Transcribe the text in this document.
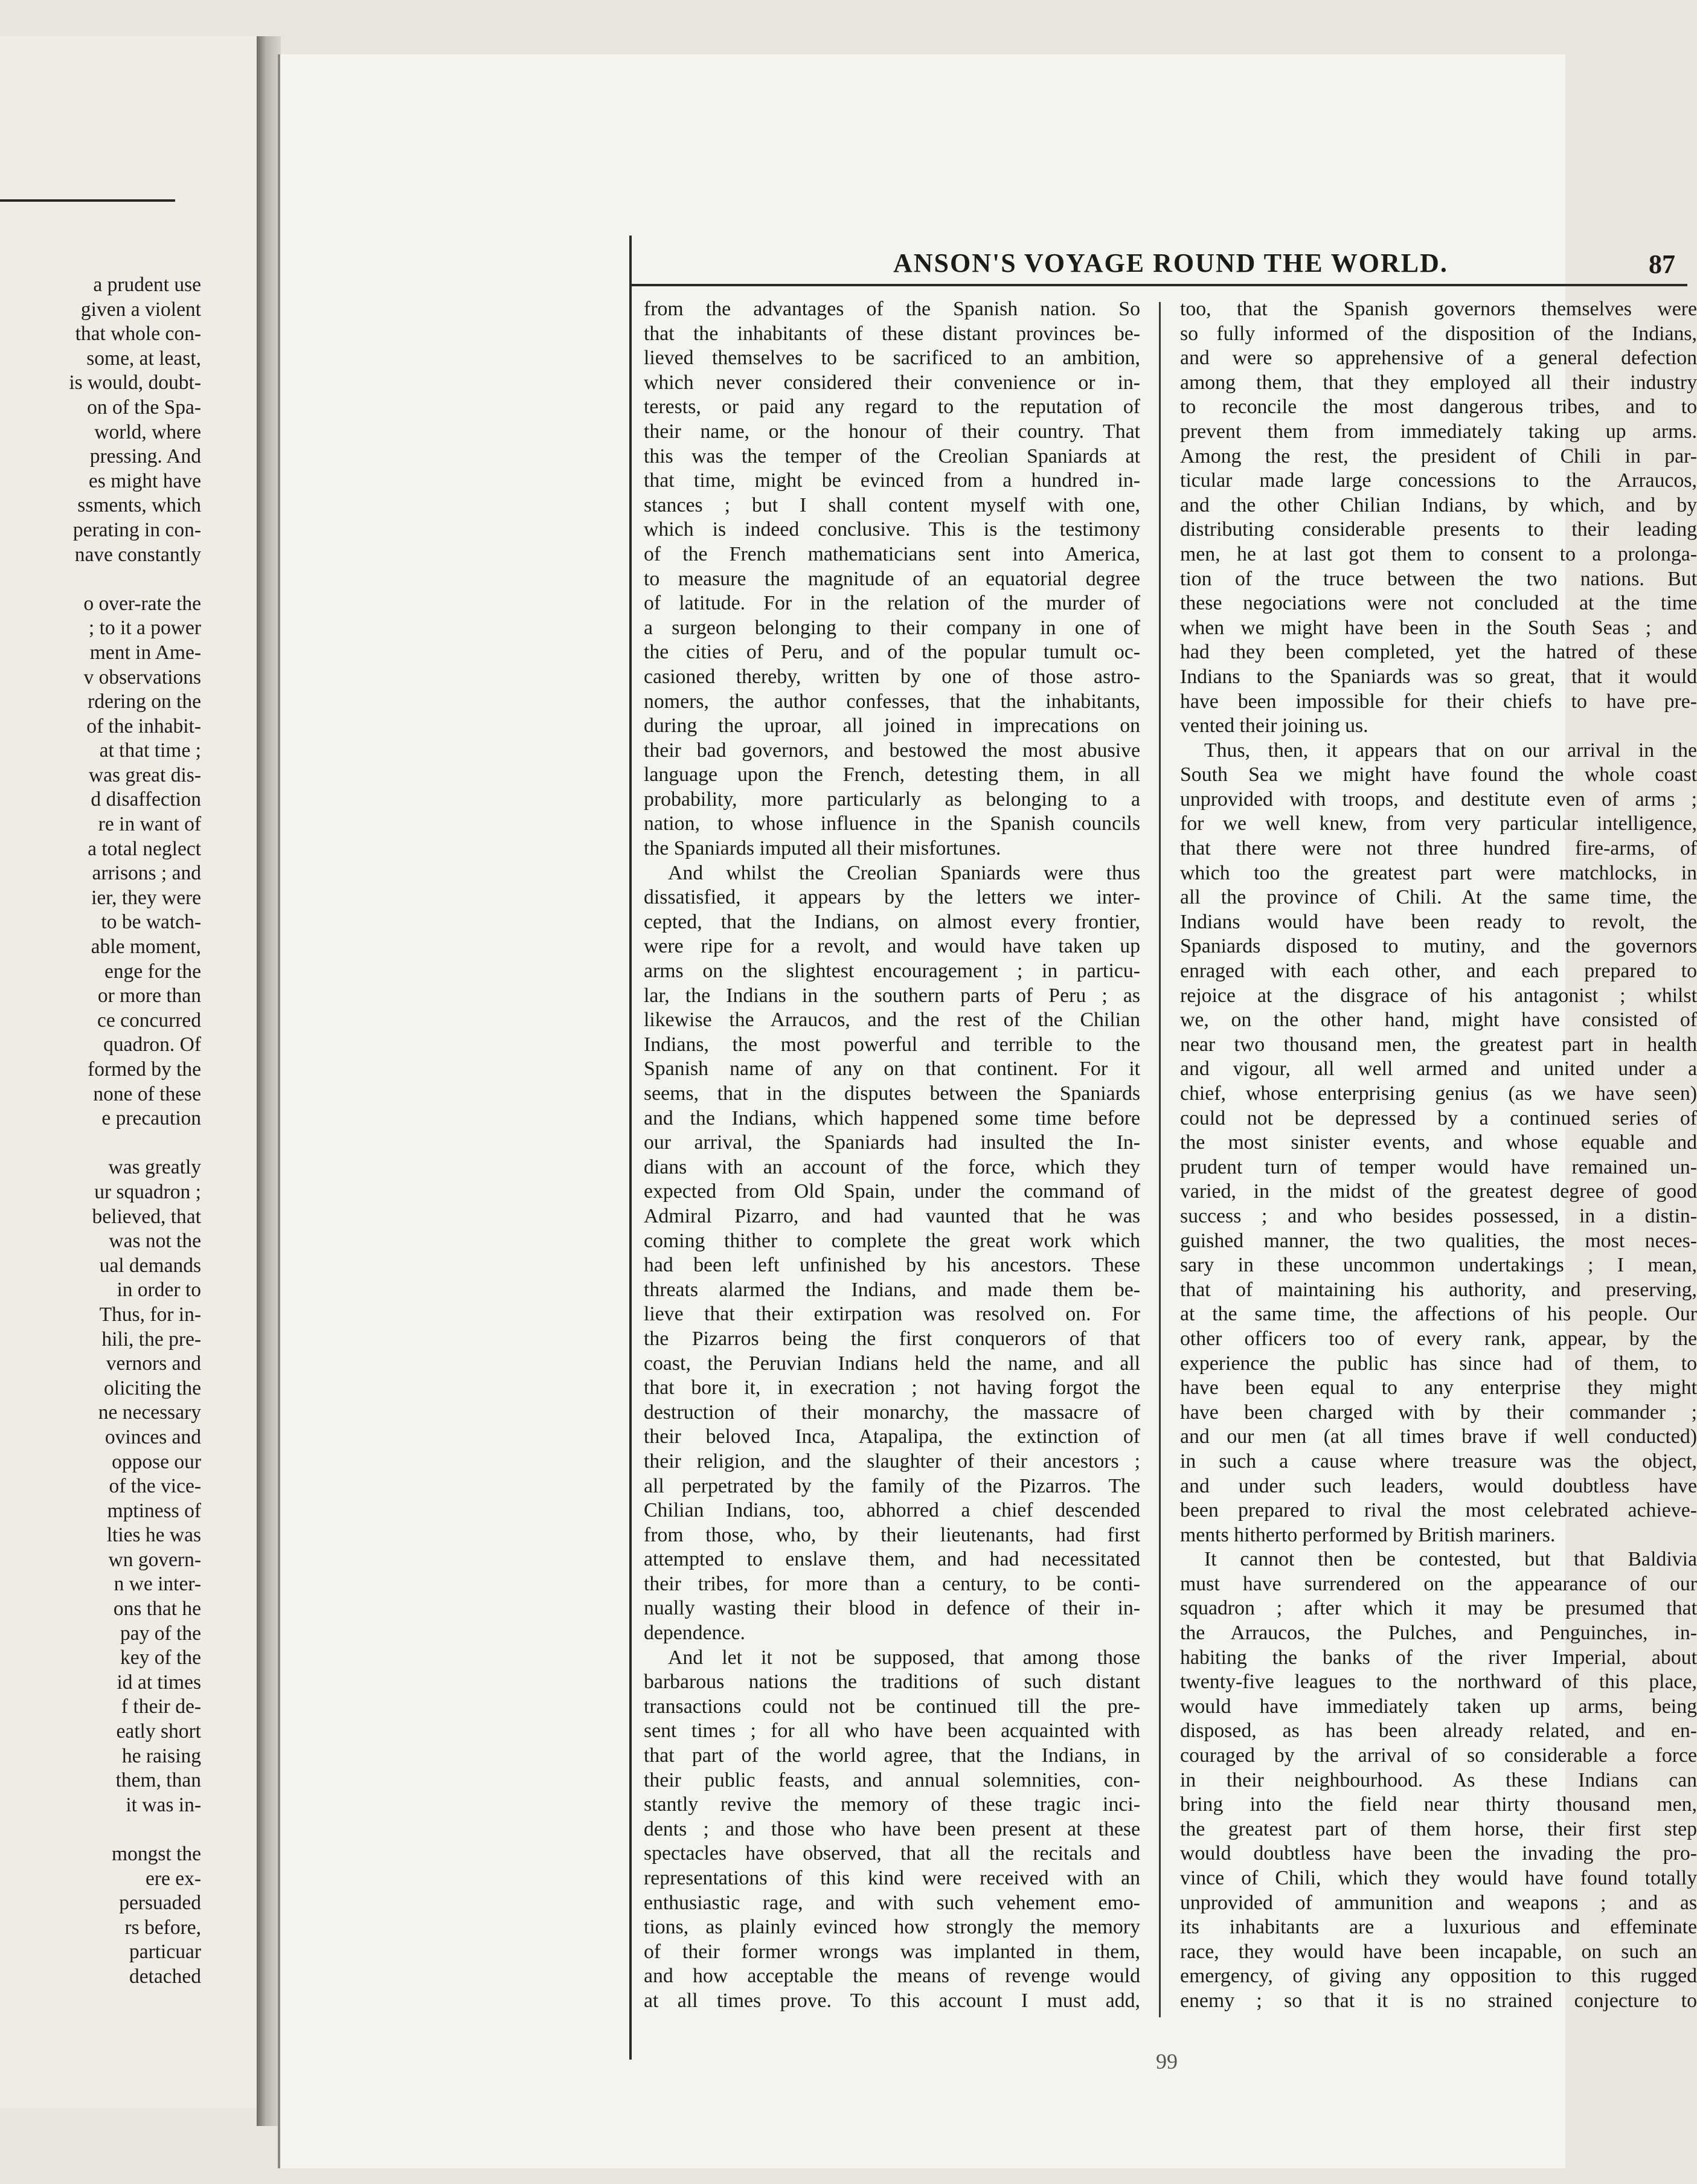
a prudent use
given a violent
that whole con-
some, at least,
is would, doubt-
on of the Spa-
world, where
pressing. And
es might have
ssments, which
perating in con-
nave constantly

o over-rate the
; to it a power
ment in Ame-
v observations
rdering on the
of the inhabit-
at that time ;
was great dis-
d disaffection
re in want of
a total neglect
arrisons ; and
ier, they were
to be watch-
able moment,
enge for the
or more than
ce concurred
quadron. Of
formed by the
none of these
e precaution

was greatly
ur squadron ;
believed, that
was not the
ual demands
in order to
Thus, for in-
hili, the pre-
vernors and
oliciting the
ne necessary
ovinces and
oppose our
of the vice-
mptiness of
lties he was
wn govern-
n we inter-
ons that he
pay of the
key of the
id at times
f their de-
eatly short
he raising
them, than
it was in-

mongst the
ere ex-
persuaded
rs before,
particuar
detached
ANSON'S VOYAGE ROUND THE WORLD.	87
from the advantages of the Spanish nation. So
that the inhabitants of these distant provinces be-
lieved themselves to be sacrificed to an ambition,
which never considered their convenience or in-
terests, or paid any regard to the reputation of
their name, or the honour of their country. That
this was the temper of the Creolian Spaniards at
that time, might be evinced from a hundred in-
stances ; but I shall content myself with one,
which is indeed conclusive. This is the testimony
of the French mathematicians sent into America,
to measure the magnitude of an equatorial degree
of latitude. For in the relation of the murder of
a surgeon belonging to their company in one of
the cities of Peru, and of the popular tumult oc-
casioned thereby, written by one of those astro-
nomers, the author confesses, that the inhabitants,
during the uproar, all joined in imprecations on
their bad governors, and bestowed the most abusive
language upon the French, detesting them, in all
probability, more particularly as belonging to a
nation, to whose influence in the Spanish councils
the Spaniards imputed all their misfortunes.
And whilst the Creolian Spaniards were thus
dissatisfied, it appears by the letters we inter-
cepted, that the Indians, on almost every frontier,
were ripe for a revolt, and would have taken up
arms on the slightest encouragement ; in particu-
lar, the Indians in the southern parts of Peru ; as
likewise the Arraucos, and the rest of the Chilian
Indians, the most powerful and terrible to the
Spanish name of any on that continent. For it
seems, that in the disputes between the Spaniards
and the Indians, which happened some time before
our arrival, the Spaniards had insulted the In-
dians with an account of the force, which they
expected from Old Spain, under the command of
Admiral Pizarro, and had vaunted that he was
coming thither to complete the great work which
had been left unfinished by his ancestors. These
threats alarmed the Indians, and made them be-
lieve that their extirpation was resolved on. For
the Pizarros being the first conquerors of that
coast, the Peruvian Indians held the name, and all
that bore it, in execration ; not having forgot the
destruction of their monarchy, the massacre of
their beloved Inca, Atapalipa, the extinction of
their religion, and the slaughter of their ancestors ;
all perpetrated by the family of the Pizarros. The
Chilian Indians, too, abhorred a chief descended
from those, who, by their lieutenants, had first
attempted to enslave them, and had necessitated
their tribes, for more than a century, to be conti-
nually wasting their blood in defence of their in-
dependence.
And let it not be supposed, that among those
barbarous nations the traditions of such distant
transactions could not be continued till the pre-
sent times ; for all who have been acquainted with
that part of the world agree, that the Indians, in
their public feasts, and annual solemnities, con-
stantly revive the memory of these tragic inci-
dents ; and those who have been present at these
spectacles have observed, that all the recitals and
representations of this kind were received with an
enthusiastic rage, and with such vehement emo-
tions, as plainly evinced how strongly the memory
of their former wrongs was implanted in them,
and how acceptable the means of revenge would
at all times prove. To this account I must add,
too, that the Spanish governors themselves were
so fully informed of the disposition of the Indians,
and were so apprehensive of a general defection
among them, that they employed all their industry
to reconcile the most dangerous tribes, and to
prevent them from immediately taking up arms.
Among the rest, the president of Chili in par-
ticular made large concessions to the Arraucos,
and the other Chilian Indians, by which, and by
distributing considerable presents to their leading
men, he at last got them to consent to a prolonga-
tion of the truce between the two nations. But
these negociations were not concluded at the time
when we might have been in the South Seas ; and
had they been completed, yet the hatred of these
Indians to the Spaniards was so great, that it would
have been impossible for their chiefs to have pre-
vented their joining us.
Thus, then, it appears that on our arrival in the
South Sea we might have found the whole coast
unprovided with troops, and destitute even of arms ;
for we well knew, from very particular intelligence,
that there were not three hundred fire-arms, of
which too the greatest part were matchlocks, in
all the province of Chili. At the same time, the
Indians would have been ready to revolt, the
Spaniards disposed to mutiny, and the governors
enraged with each other, and each prepared to
rejoice at the disgrace of his antagonist ; whilst
we, on the other hand, might have consisted of
near two thousand men, the greatest part in health
and vigour, all well armed and united under a
chief, whose enterprising genius (as we have seen)
could not be depressed by a continued series of
the most sinister events, and whose equable and
prudent turn of temper would have remained un-
varied, in the midst of the greatest degree of good
success ; and who besides possessed, in a distin-
guished manner, the two qualities, the most neces-
sary in these uncommon undertakings ; I mean,
that of maintaining his authority, and preserving,
at the same time, the affections of his people. Our
other officers too of every rank, appear, by the
experience the public has since had of them, to
have been equal to any enterprise they might
have been charged with by their commander ;
and our men (at all times brave if well conducted)
in such a cause where treasure was the object,
and under such leaders, would doubtless have
been prepared to rival the most celebrated achieve-
ments hitherto performed by British mariners.
It cannot then be contested, but that Baldivia
must have surrendered on the appearance of our
squadron ; after which it may be presumed that
the Arraucos, the Pulches, and Penguinches, in-
habiting the banks of the river Imperial, about
twenty-five leagues to the northward of this place,
would have immediately taken up arms, being
disposed, as has been already related, and en-
couraged by the arrival of so considerable a force
in their neighbourhood. As these Indians can
bring into the field near thirty thousand men,
the greatest part of them horse, their first step
would doubtless have been the invading the pro-
vince of Chili, which they would have found totally
unprovided of ammunition and weapons ; and as
its inhabitants are a luxurious and effeminate
race, they would have been incapable, on such an
emergency, of giving any opposition to this rugged
enemy ; so that it is no strained conjecture to
99
